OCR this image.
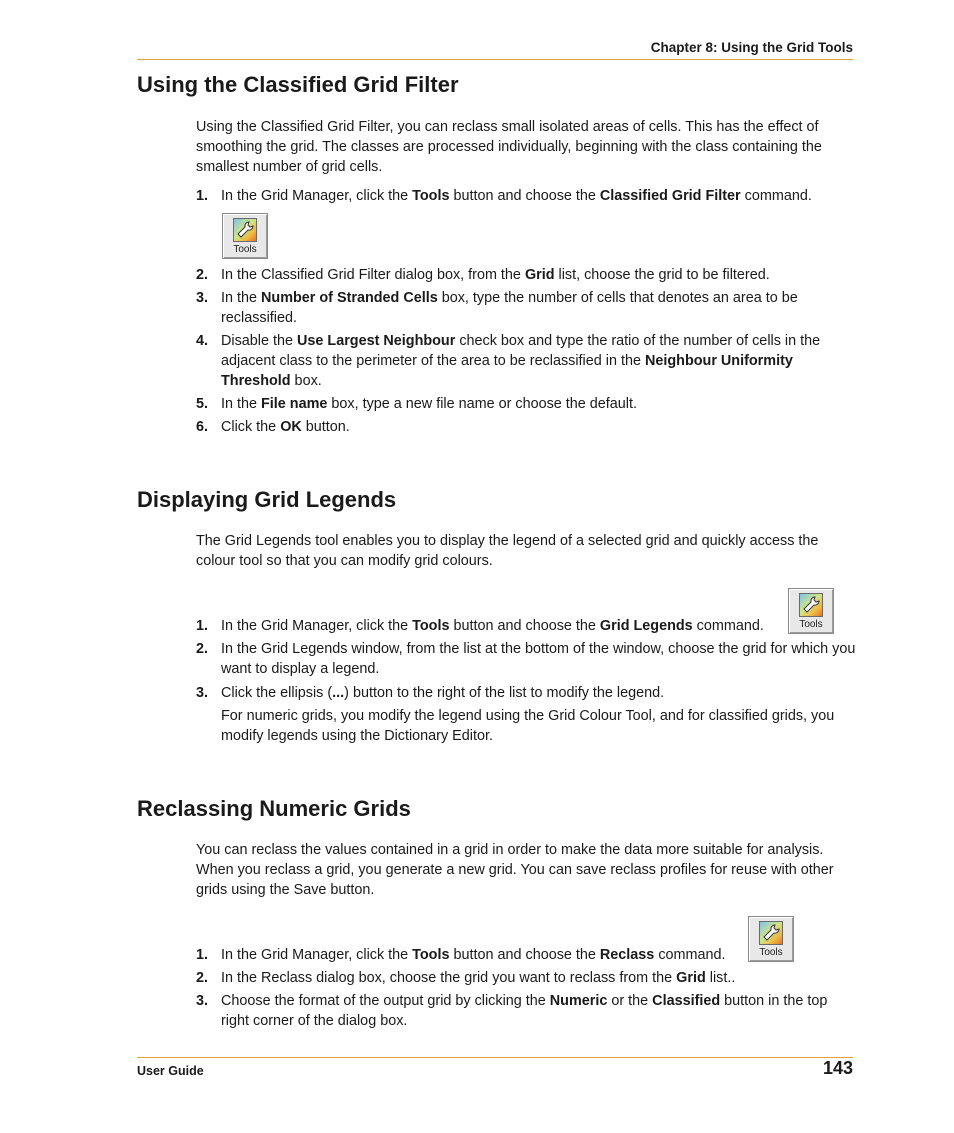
Chapter 8: Using the Grid Tools
Using the Classified Grid Filter

Using the Classified Grid Filter, you can reclass small isolated areas of cells. This has the effect of smoothing the grid. The classes are processed individually, beginning with the class containing the smallest number of grid cells.

1. In the Grid Manager, click the Tools button and choose the Classified Grid Filter command.
Tools
2. In the Classified Grid Filter dialog box, from the Grid list, choose the grid to be filtered.
3. In the Number of Stranded Cells box, type the number of cells that denotes an area to be reclassified.
4. Disable the Use Largest Neighbour check box and type the ratio of the number of cells in the adjacent class to the perimeter of the area to be reclassified in the Neighbour Uniformity Threshold box.
5. In the File name box, type a new file name or choose the default.
6. Click the OK button.
Displaying Grid Legends

The Grid Legends tool enables you to display the legend of a selected grid and quickly access the colour tool so that you can modify grid colours.

1. In the Grid Manager, click the Tools button and choose the Grid Legends command.	Tools
2. In the Grid Legends window, from the list at the bottom of the window, choose the grid for which you want to display a legend.
3. Click the ellipsis (...) button to the right of the list to modify the legend.
For numeric grids, you modify the legend using the Grid Colour Tool, and for classified grids, you modify legends using the Dictionary Editor.
Reclassing Numeric Grids

You can reclass the values contained in a grid in order to make the data more suitable for analysis. When you reclass a grid, you generate a new grid. You can save reclass profiles for reuse with other grids using the Save button.

1. In the Grid Manager, click the Tools button and choose the Reclass command.	Tools
2. In the Reclass dialog box, choose the grid you want to reclass from the Grid list..
3. Choose the format of the output grid by clicking the Numeric or the Classified button in the top right corner of the dialog box.
User Guide	143
